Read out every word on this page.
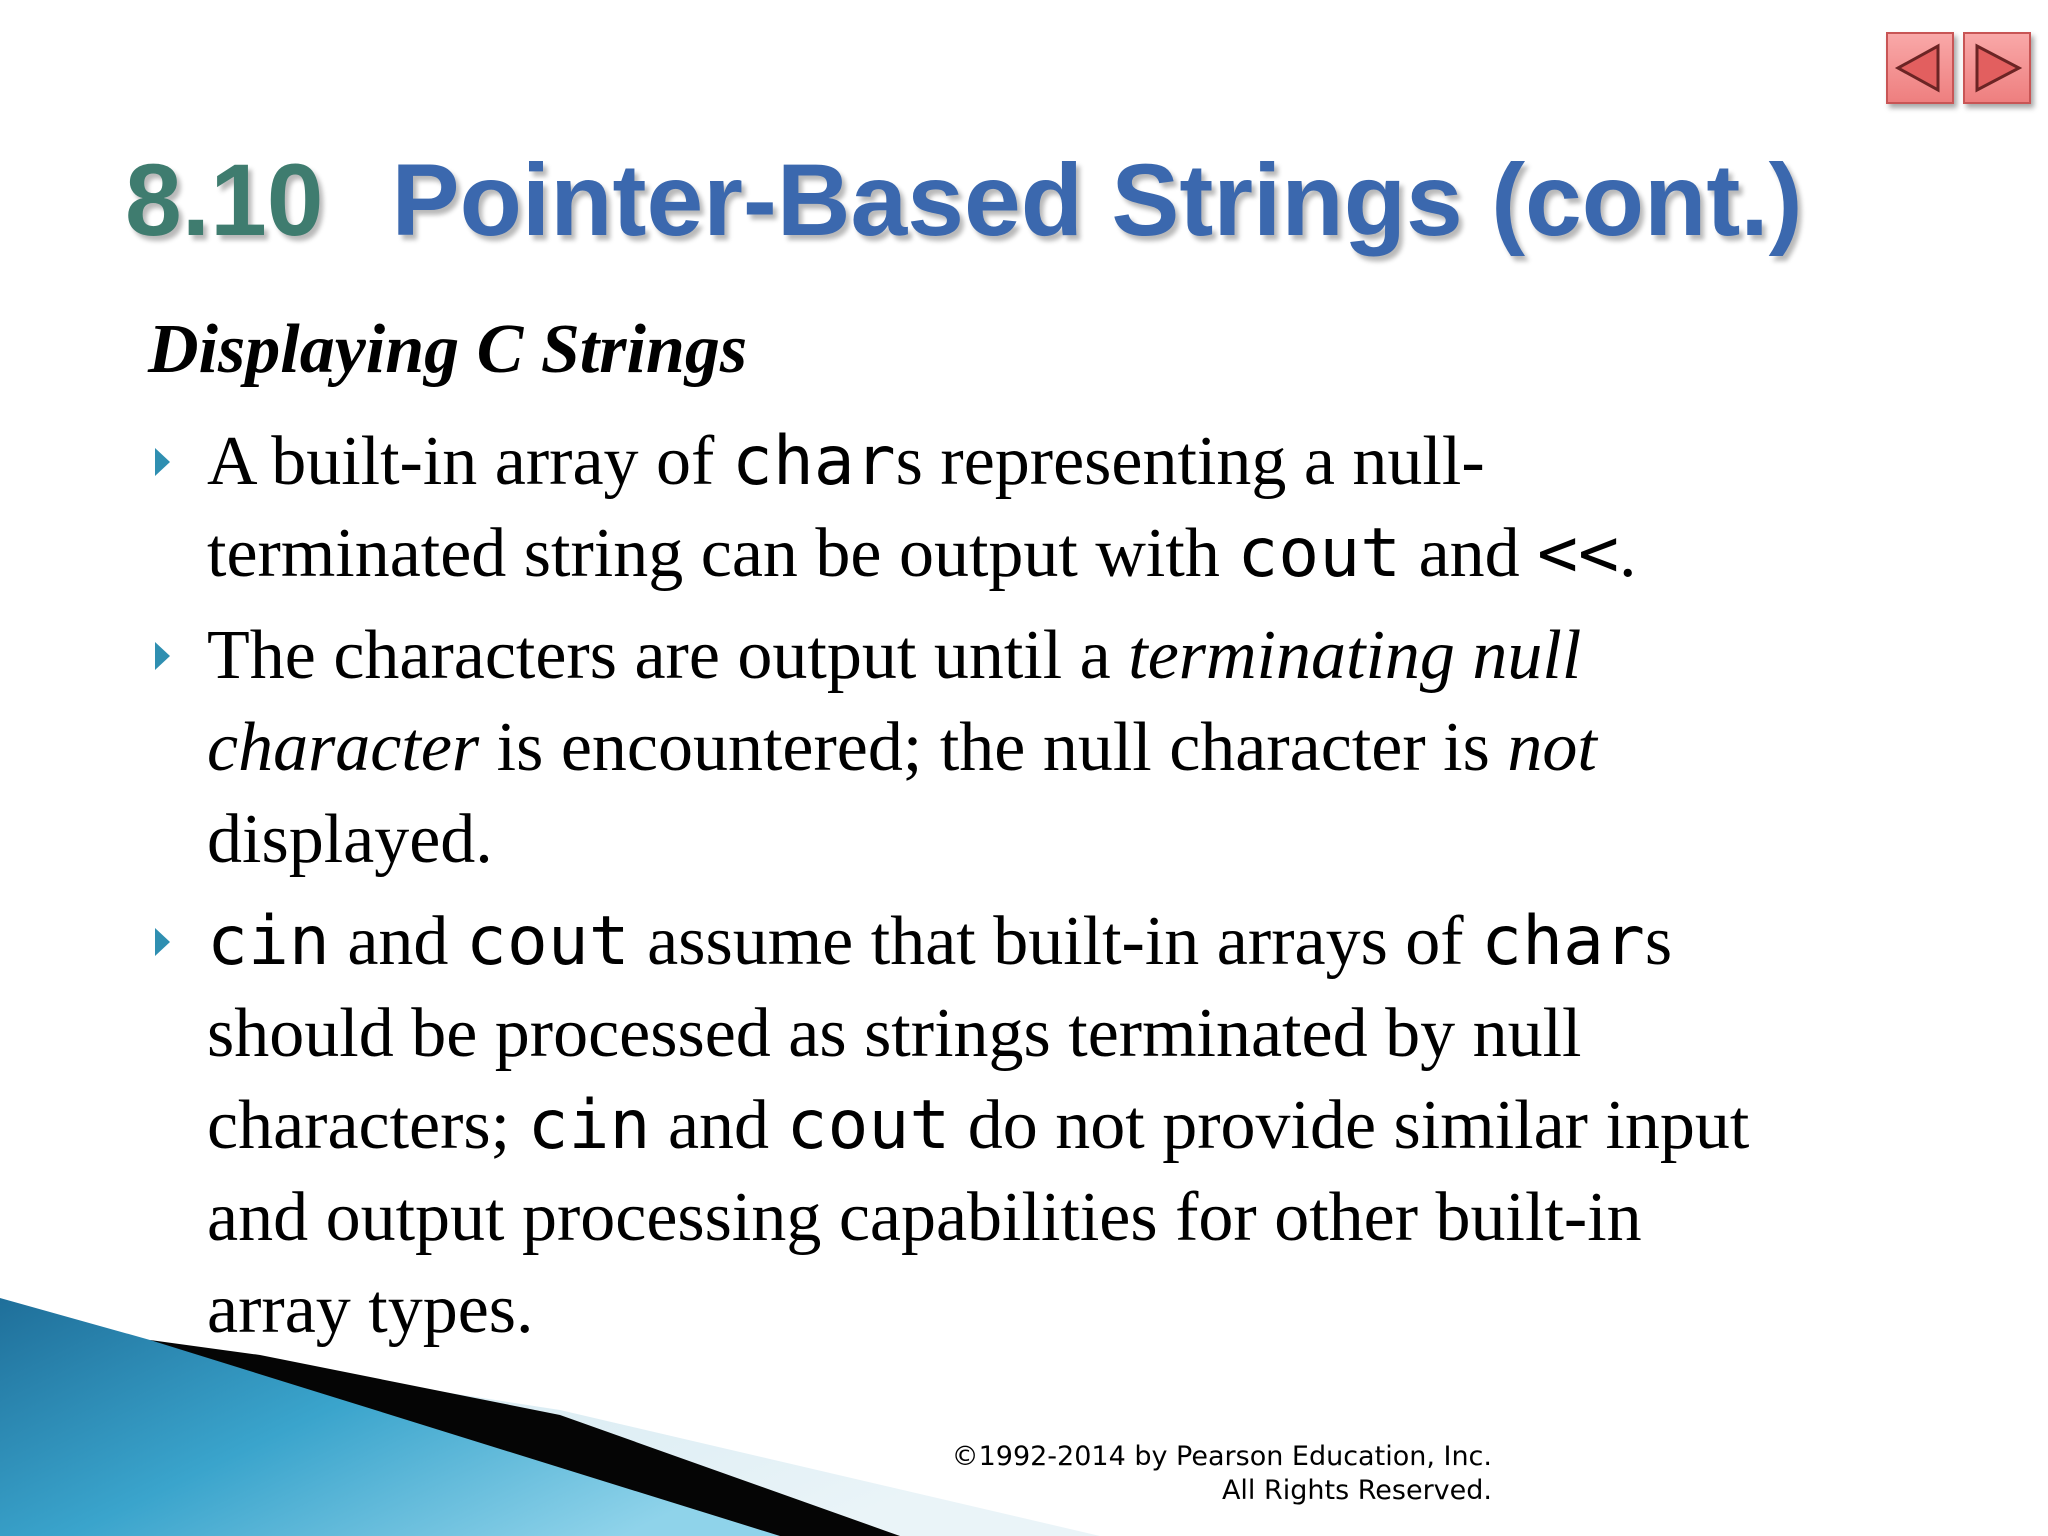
8.10 Pointer-Based Strings (cont.)

Displaying C Strings

A built-in array of chars representing a null-
terminated string can be output with cout and <<.

The characters are output until a terminating null
character is encountered; the null character is not
displayed.

cin and cout assume that built-in arrays of chars
should be processed as strings terminated by null
characters; cin and cout do not provide similar input
and output processing capabilities for other built-in
array types.

©1992-2014 by Pearson Education, Inc.
All Rights Reserved.
